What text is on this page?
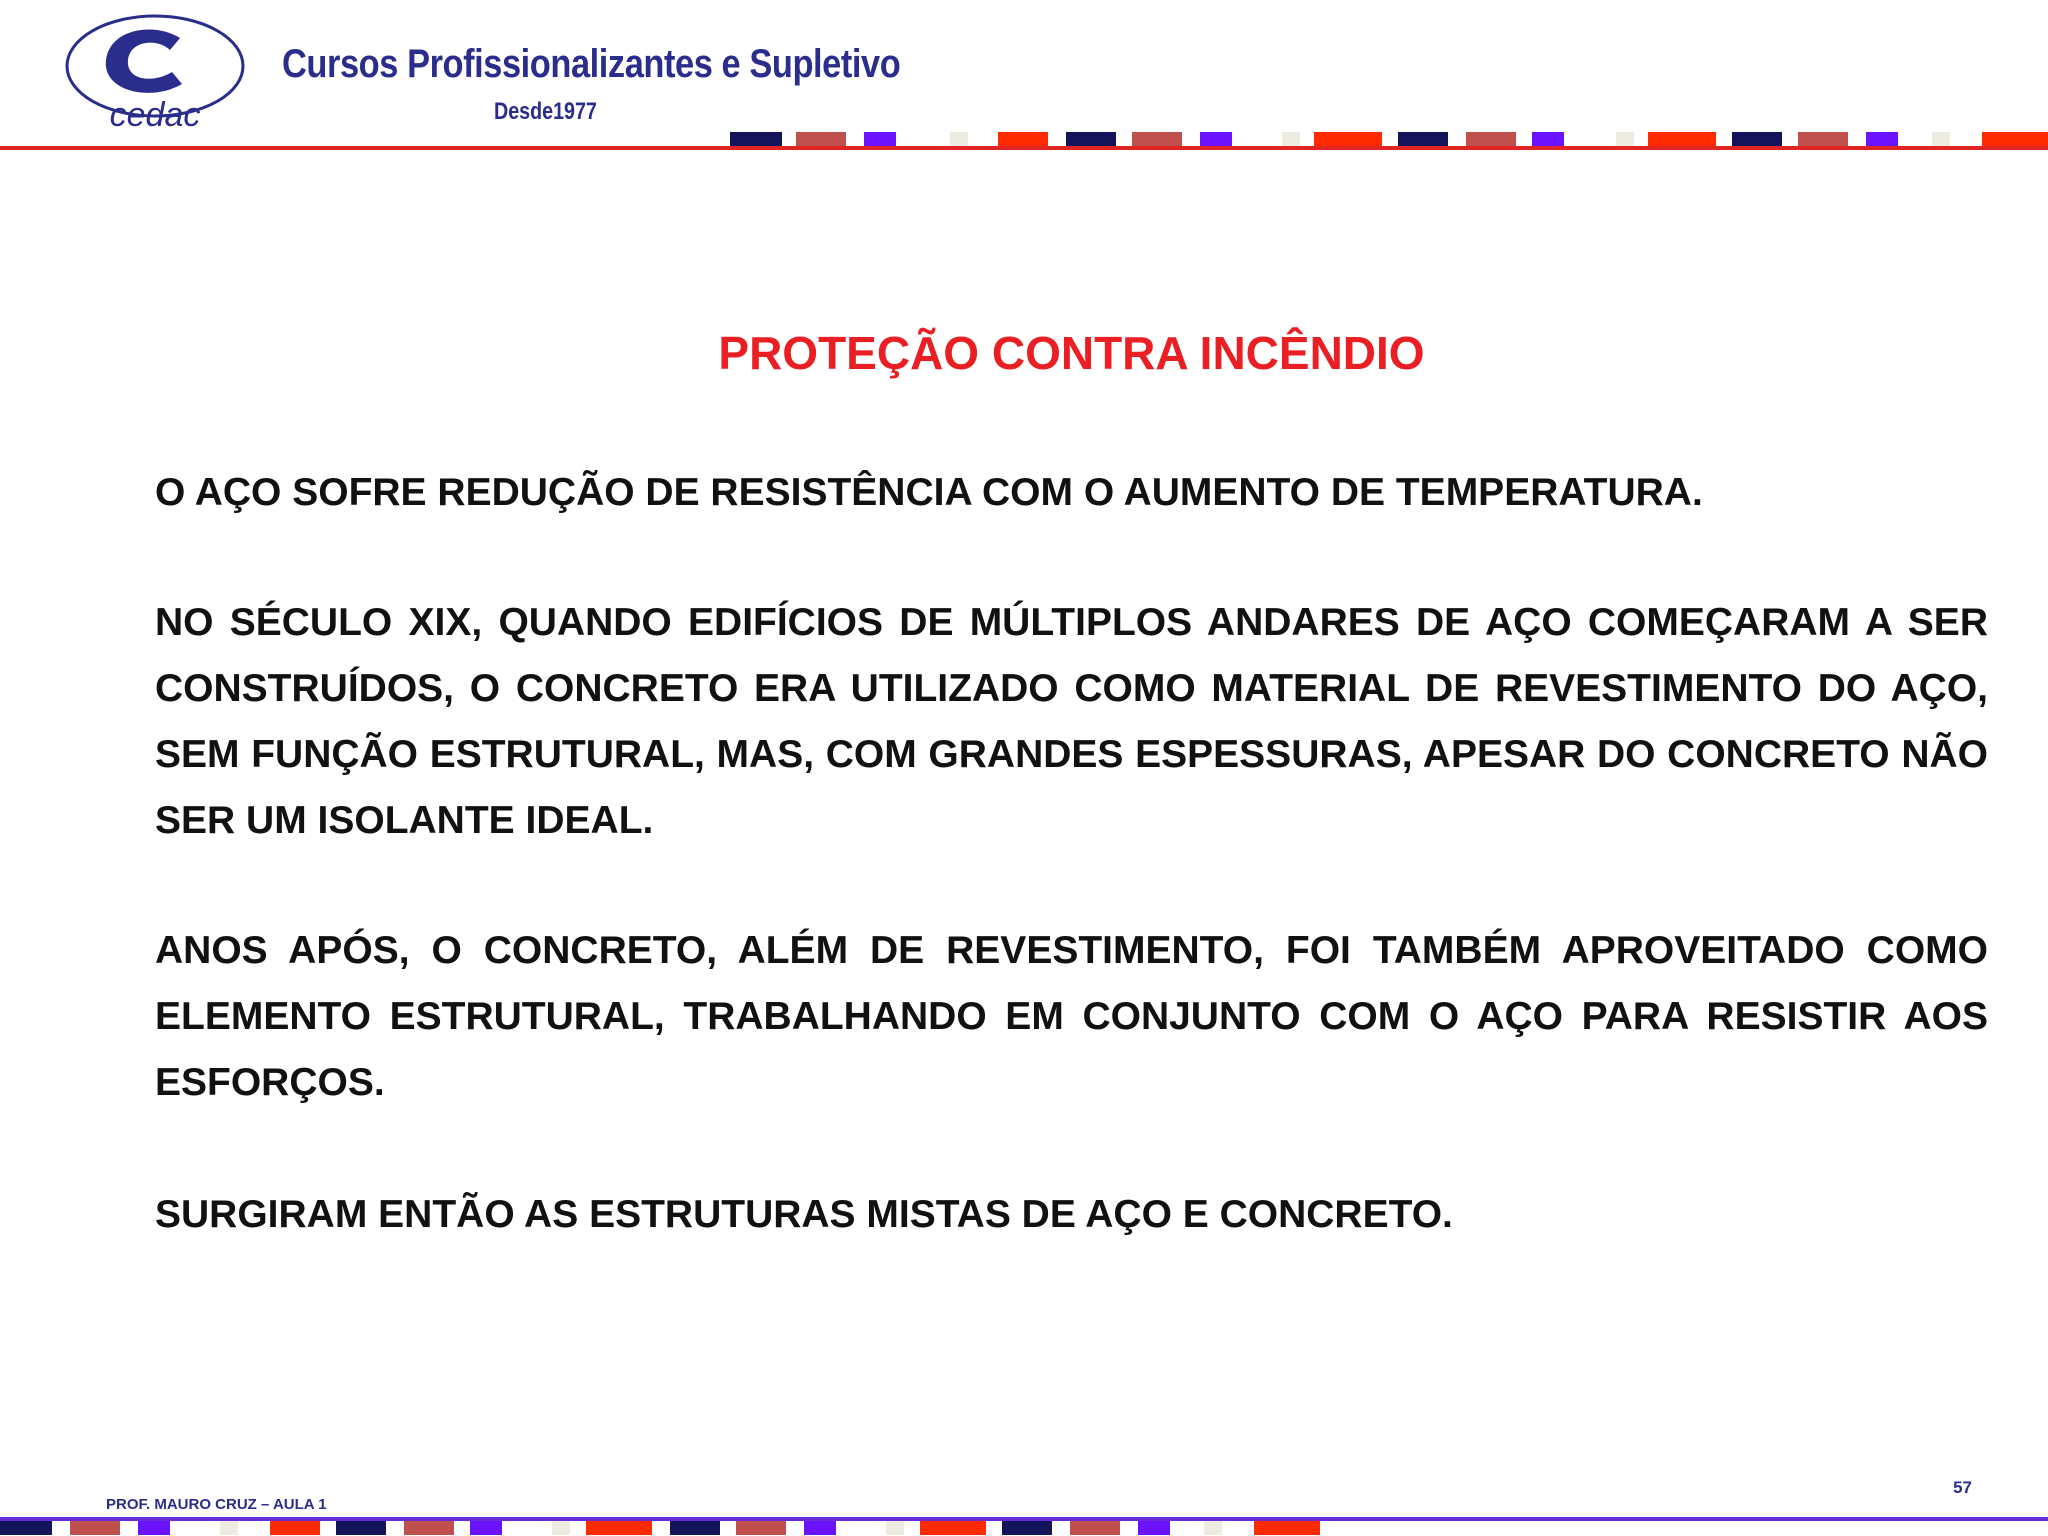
cedac
Cursos Profissionalizantes e Supletivo
Desde1977
PROTEÇÃO CONTRA INCÊNDIO
O AÇO SOFRE REDUÇÃO DE RESISTÊNCIA COM O AUMENTO DE TEMPERATURA.
NO SÉCULO XIX, QUANDO EDIFÍCIOS DE MÚLTIPLOS ANDARES DE AÇO COMEÇARAM A SER CONSTRUÍDOS, O CONCRETO ERA UTILIZADO COMO MATERIAL DE REVESTIMENTO DO AÇO, SEM FUNÇÃO ESTRUTURAL, MAS, COM GRANDES ESPESSURAS, APESAR DO CONCRETO NÃO SER UM ISOLANTE IDEAL.
ANOS APÓS, O CONCRETO, ALÉM DE REVESTIMENTO, FOI TAMBÉM APROVEITADO COMO ELEMENTO ESTRUTURAL, TRABALHANDO EM CONJUNTO COM O AÇO PARA RESISTIR AOS ESFORÇOS.
SURGIRAM ENTÃO AS ESTRUTURAS MISTAS DE AÇO E CONCRETO.
PROF. MAURO CRUZ – AULA 1
57
